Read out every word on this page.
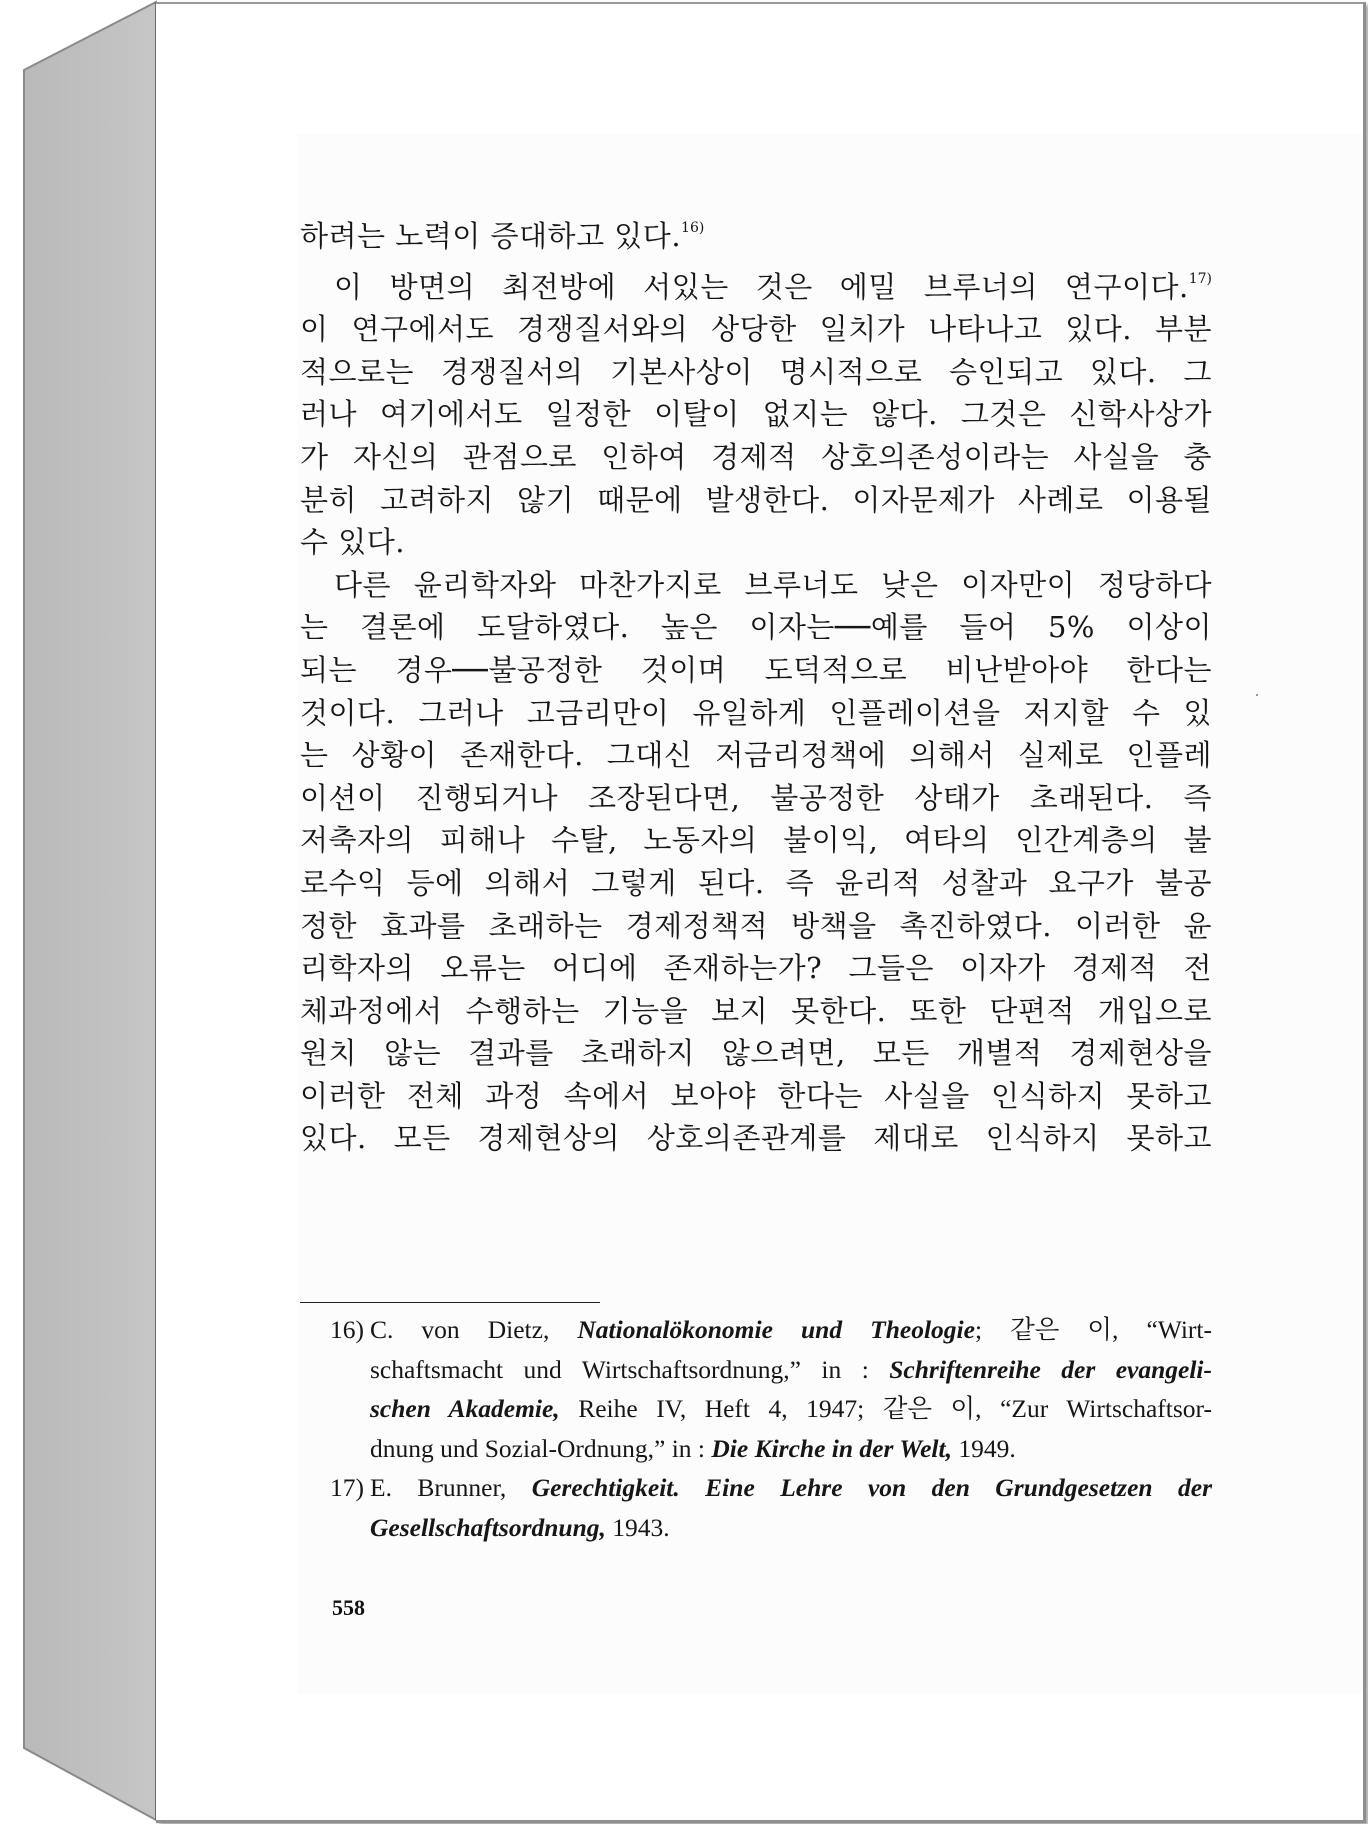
하려는 노력이 증대하고 있다.$^{16)}$

이 방면의 최전방에 서있는 것은 에밀 브루너의 연구이다.$^{17)}$

이 연구에서도 경쟁질서와의 상당한 일치가 나타나고 있다. 부분

적으로는 경쟁질서의 기본사상이 명시적으로 승인되고 있다. 그

러나 여기에서도 일정한 이탈이 없지는 않다. 그것은 신학사상가

가 자신의 관점으로 인하여 경제적 상호의존성이라는 사실을 충

분히 고려하지 않기 때문에 발생한다. 이자문제가 사례로 이용될

수 있다.

다른 윤리학자와 마찬가지로 브루너도 낮은 이자만이 정당하다

는 결론에 도달하였다. 높은 이자는──예를 들어 5% 이상이

되는 경우──불공정한 것이며 도덕적으로 비난받아야 한다는

것이다. 그러나 고금리만이 유일하게 인플레이션을 저지할 수 있

는 상황이 존재한다. 그대신 저금리정책에 의해서 실제로 인플레

이션이 진행되거나 조장된다면, 불공정한 상태가 초래된다. 즉

저축자의 피해나 수탈, 노동자의 불이익, 여타의 인간계층의 불

로수익 등에 의해서 그렇게 된다. 즉 윤리적 성찰과 요구가 불공

정한 효과를 초래하는 경제정책적 방책을 촉진하였다. 이러한 윤

리학자의 오류는 어디에 존재하는가? 그들은 이자가 경제적 전

체과정에서 수행하는 기능을 보지 못한다. 또한 단편적 개입으로

원치 않는 결과를 초래하지 않으려면, 모든 개별적 경제현상을

이러한 전체 과정 속에서 보아야 한다는 사실을 인식하지 못하고

있다. 모든 경제현상의 상호의존관계를 제대로 인식하지 못하고

16) C. von Dietz, Nationalökonomie und Theologie; 같은 이, “Wirt-

schaftsmacht und Wirtschaftsordnung,” in : Schriftenreihe der evangeli-

schen Akademie, Reihe IV, Heft 4, 1947; 같은 이, “Zur Wirtschaftsor-

dnung und Sozial-Ordnung,” in : Die Kirche in der Welt, 1949.

17) E. Brunner, Gerechtigkeit. Eine Lehre von den Grundgesetzen der

Gesellschaftsordnung, 1943.

558
